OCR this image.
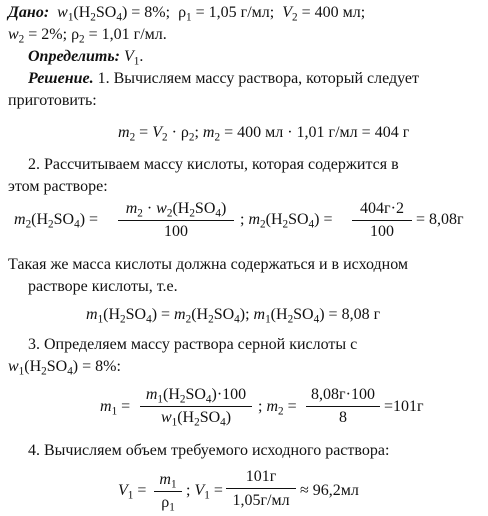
Дано: $w_1(H_2SO_4) = 8\%$;  $\rho_1 = 1,05$ г/мл;  $V_2 = 400$ мл;
$w_2 = 2\%$; $\rho_2 = 1,01$ г/мл.
Определить: $V_1$.
Решение. 1. Вычисляем массу раствора, который следует
приготовить:
$m_2 = V_2 \cdot \rho_2$; $m_2 = 400$ мл · 1,01 г/мл = 404 г
2. Рассчитываем массу кислоты, которая содержится в
этом растворе:
$m_2(H_2SO_4)$ =
$m_2 \cdot w_2(H_2SO_4)$
100
; $m_2(H_2SO_4)$ =
404г·2
100
= 8,08г
Такая же масса кислоты должна содержаться и в исходном
растворе кислоты, т.е.
$m_1(H_2SO_4) = m_2(H_2SO_4)$; $m_1(H_2SO_4) = 8,08$ г
3. Определяем массу раствора серной кислоты с
$w_1(H_2SO_4) = 8\%$:
$m_1$ =
$m_1(H_2SO_4)\cdot 100$
$w_1(H_2SO_4)$
; $m_2$ =
8,08г·100
8
=101г
4. Вычисляем объем требуемого исходного раствора:
$V_1$ =
$m_1$
$\rho_1$
; $V_1$ =
101г
1,05г/мл
≈ 96,2мл
